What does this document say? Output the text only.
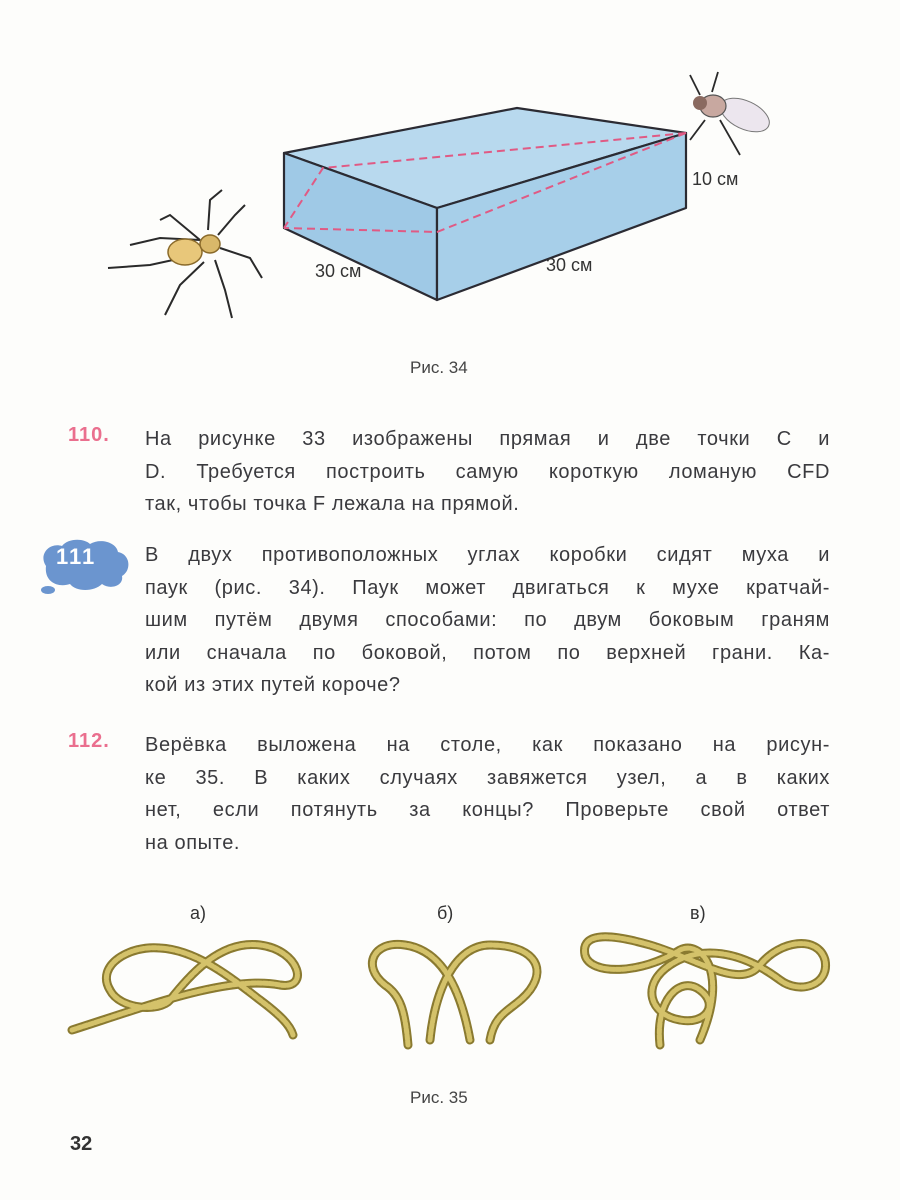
10 см
30 см	30 см
Рис. 34
110. На рисунке 33 изображены прямая и две точки C и
D. Требуется построить самую короткую ломаную CFD
так, чтобы точка F лежала на прямой.
111 В двух противоположных углах коробки сидят муха и
паук (рис. 34). Паук может двигаться к мухе кратчай-
шим путём двумя способами: по двум боковым граням
или сначала по боковой, потом по верхней грани. Ка-
кой из этих путей короче?
112. Верёвка выложена на столе, как показано на рисун-
ке 35. В каких случаях завяжется узел, а в каких
нет, если потянуть за концы? Проверьте свой ответ
на опыте.
а)	б)	в)
Рис. 35
32
